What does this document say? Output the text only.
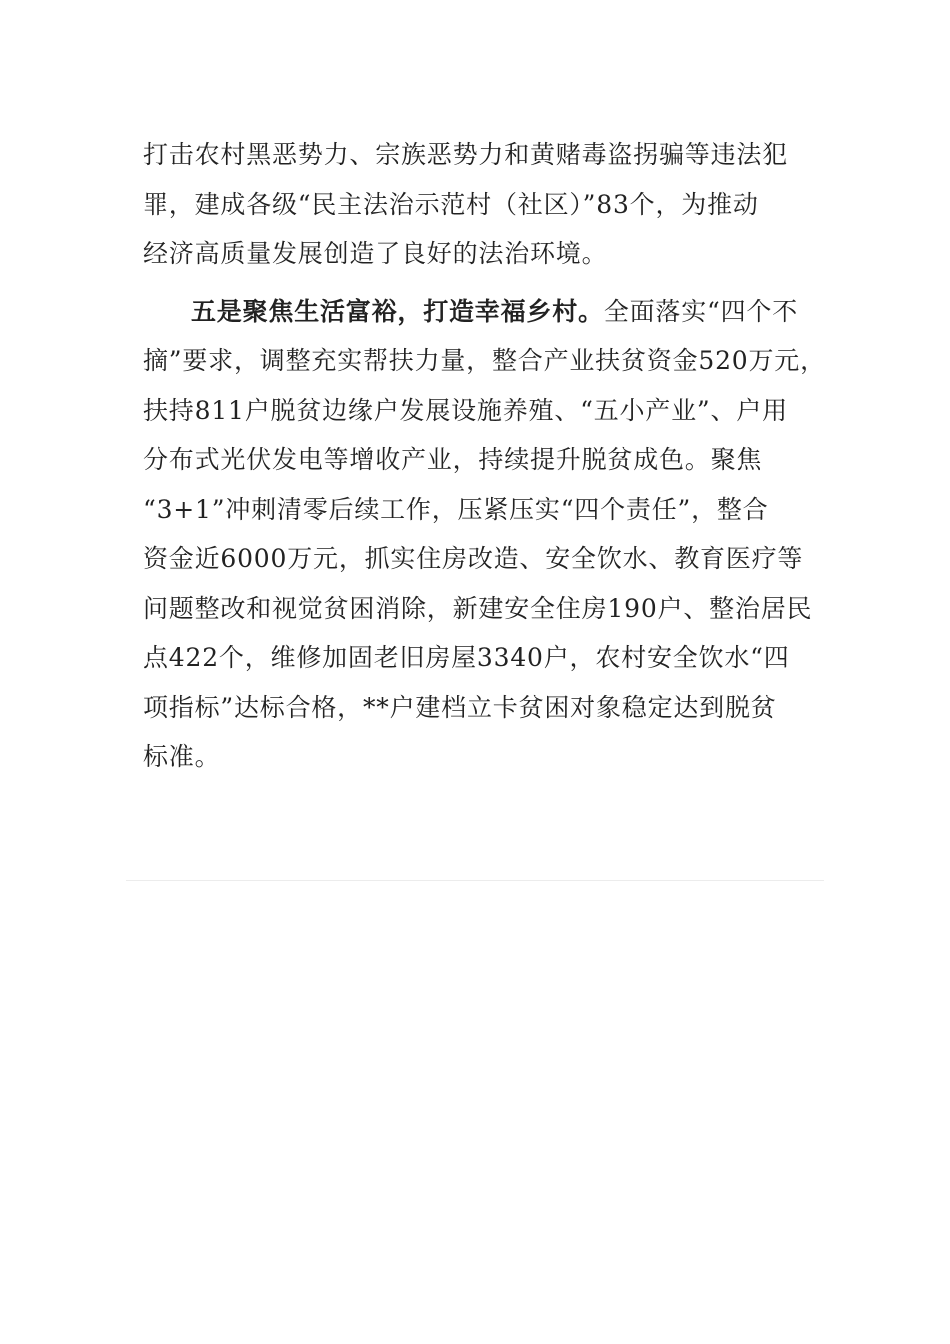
打击农村黑恶势力、宗族恶势力和黄赌毒盗拐骗等违法犯
罪，建成各级“民主法治示范村（社区）”83个，为推动
经济高质量发展创造了良好的法治环境。
五是聚焦生活富裕，打造幸福乡村。全面落实“四个不
摘”要求，调整充实帮扶力量，整合产业扶贫资金520万元，
扶持811户脱贫边缘户发展设施养殖、“五小产业”、户用
分布式光伏发电等增收产业，持续提升脱贫成色。聚焦
“3+1”冲刺清零后续工作，压紧压实“四个责任”，整合
资金近6000万元，抓实住房改造、安全饮水、教育医疗等
问题整改和视觉贫困消除，新建安全住房190户、整治居民
点422个，维修加固老旧房屋3340户，农村安全饮水“四
项指标”达标合格，**户建档立卡贫困对象稳定达到脱贫
标准。
